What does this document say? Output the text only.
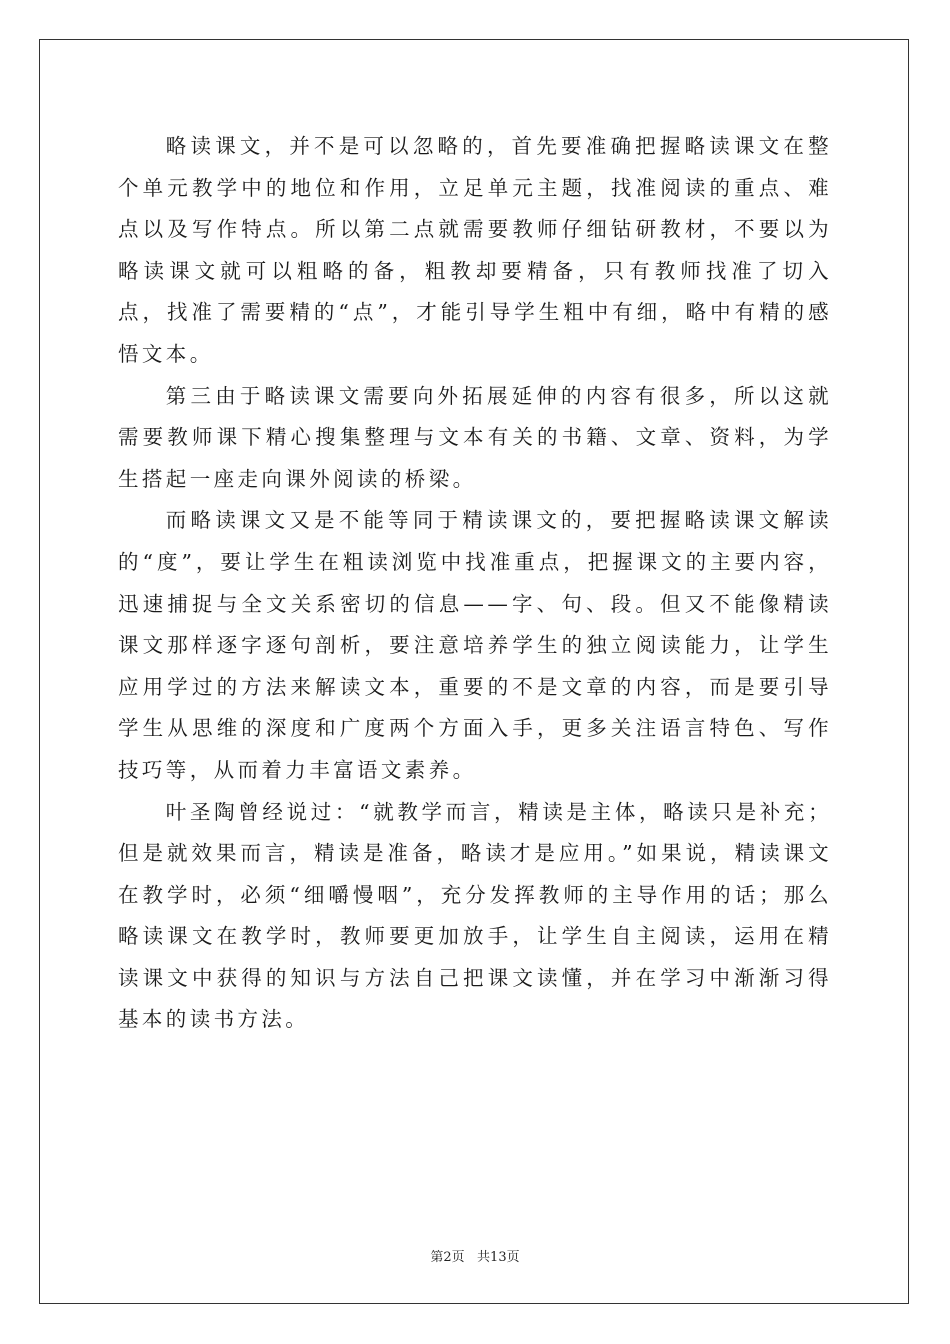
略读课文，并不是可以忽略的，首先要准确把握略读课文在整个单元教学中的地位和作用，立足单元主题，找准阅读的重点、难点以及写作特点。所以第二点就需要教师仔细钻研教材，不要以为略读课文就可以粗略的备，粗教却要精备，只有教师找准了切入点，找准了需要精的“点”，才能引导学生粗中有细，略中有精的感悟文本。

第三由于略读课文需要向外拓展延伸的内容有很多，所以这就需要教师课下精心搜集整理与文本有关的书籍、文章、资料，为学生搭起一座走向课外阅读的桥梁。

而略读课文又是不能等同于精读课文的，要把握略读课文解读的“度”，要让学生在粗读浏览中找准重点，把握课文的主要内容，迅速捕捉与全文关系密切的信息——字、句、段。但又不能像精读课文那样逐字逐句剖析，要注意培养学生的独立阅读能力，让学生应用学过的方法来解读文本，重要的不是文章的内容，而是要引导学生从思维的深度和广度两个方面入手，更多关注语言特色、写作技巧等，从而着力丰富语文素养。

叶圣陶曾经说过：“就教学而言，精读是主体，略读只是补充；但是就效果而言，精读是准备，略读才是应用。”如果说，精读课文在教学时，必须“细嚼慢咽”，充分发挥教师的主导作用的话；那么略读课文在教学时，教师要更加放手，让学生自主阅读，运用在精读课文中获得的知识与方法自己把课文读懂，并在学习中渐渐习得基本的读书方法。

第2页   共13页
